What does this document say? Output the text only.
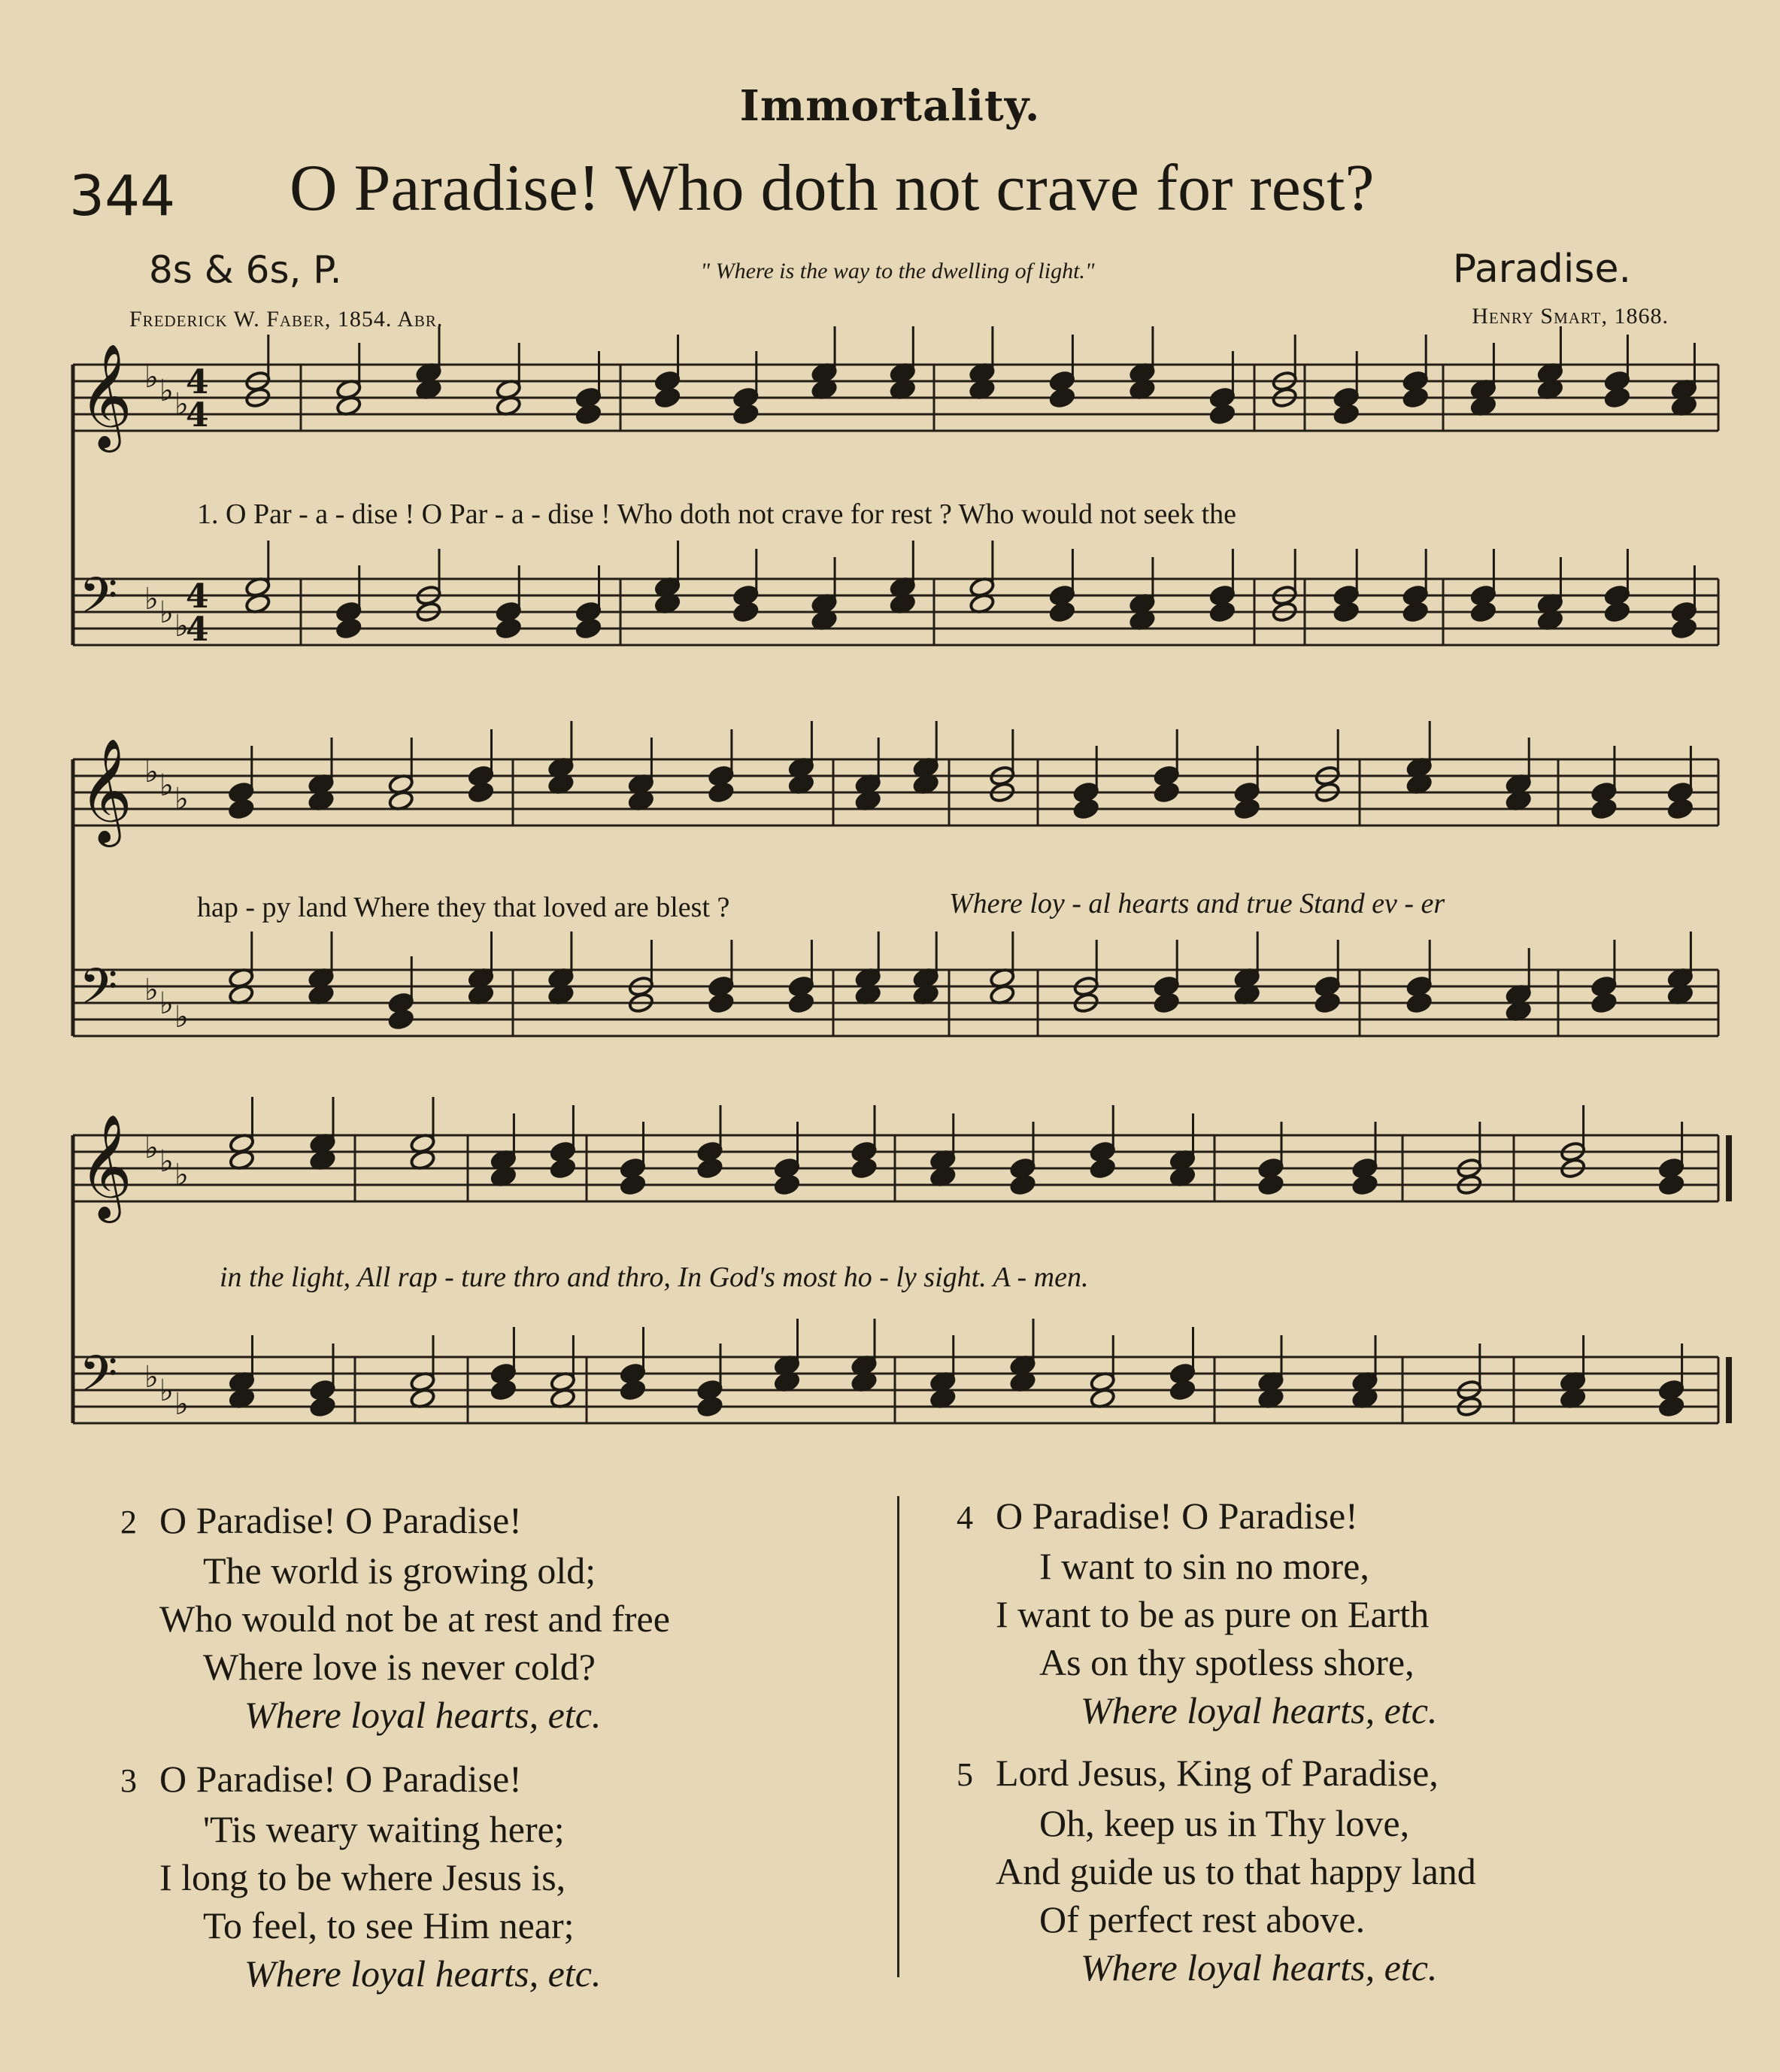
Immortality.
344 O Paradise! Who doth not crave for rest?
8s & 6s, P.	" Where is the way to the dwelling of light."	Paradise.
Frederick W. Faber, 1854. Abr.	Henry Smart, 1868.
𝄞 ♭ ♭ ♭
𝄢 ♭ ♭ ♭
𝄞 ♭ ♭ ♭
𝄢 ♭ ♭ ♭
𝄞 ♭ ♭ ♭
𝄢 ♭ ♭ ♭
4
4
4
4
1. O Par - a - dise ! O Par - a - dise ! Who doth not crave for rest ? Who would not seek the
hap - py land Where they that loved are blest ?	Where loy - al hearts and true Stand ev - er
in the light, All rap - ture thro and thro, In God's most ho - ly sight. A - men.
2 O Paradise! O Paradise!
The world is growing old;
Who would not be at rest and free
Where love is never cold?
Where loyal hearts, etc.
3 O Paradise! O Paradise!
'Tis weary waiting here;
I long to be where Jesus is,
To feel, to see Him near;
Where loyal hearts, etc.
4 O Paradise! O Paradise!
I want to sin no more,
I want to be as pure on Earth
As on thy spotless shore,
Where loyal hearts, etc.
5 Lord Jesus, King of Paradise,
Oh, keep us in Thy love,
And guide us to that happy land
Of perfect rest above.
Where loyal hearts, etc.
